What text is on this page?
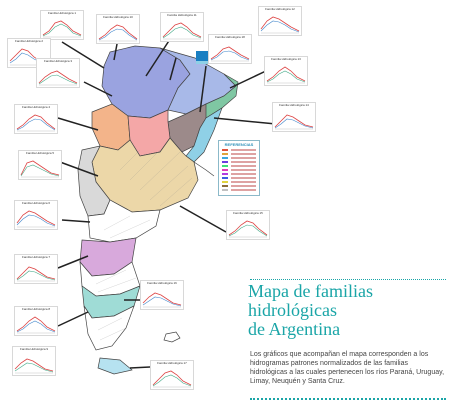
Familia Hidrológica 1
Familia Hidrológica 2
Familia Hidrológica 3
Familia Hidrológica 4
Familia Hidrológica 5
Familia Hidrológica 6
Familia Hidrológica 7
Familia Hidrológica 8
Familia Hidrológica 9
Familia Hidrológica 10	Familia Hidrológica 11
Familia Hidrológica 12
Familia Hidrológica 13
Familia Hidrológica 14
Familia Hidrológica 15
Familia Hidrológica 16
Familia Hidrológica 17
Familia Hidrológica 18
REFERENCIAS
Mapa de familias
hidrológicas
de Argentina

Los gráficos que acompañan el mapa corresponden a los hidrogramas patrones normalizados de las familias hidrológicas a las cuales pertenecen los ríos Paraná, Uruguay, Limay, Neuquén y Santa Cruz.
